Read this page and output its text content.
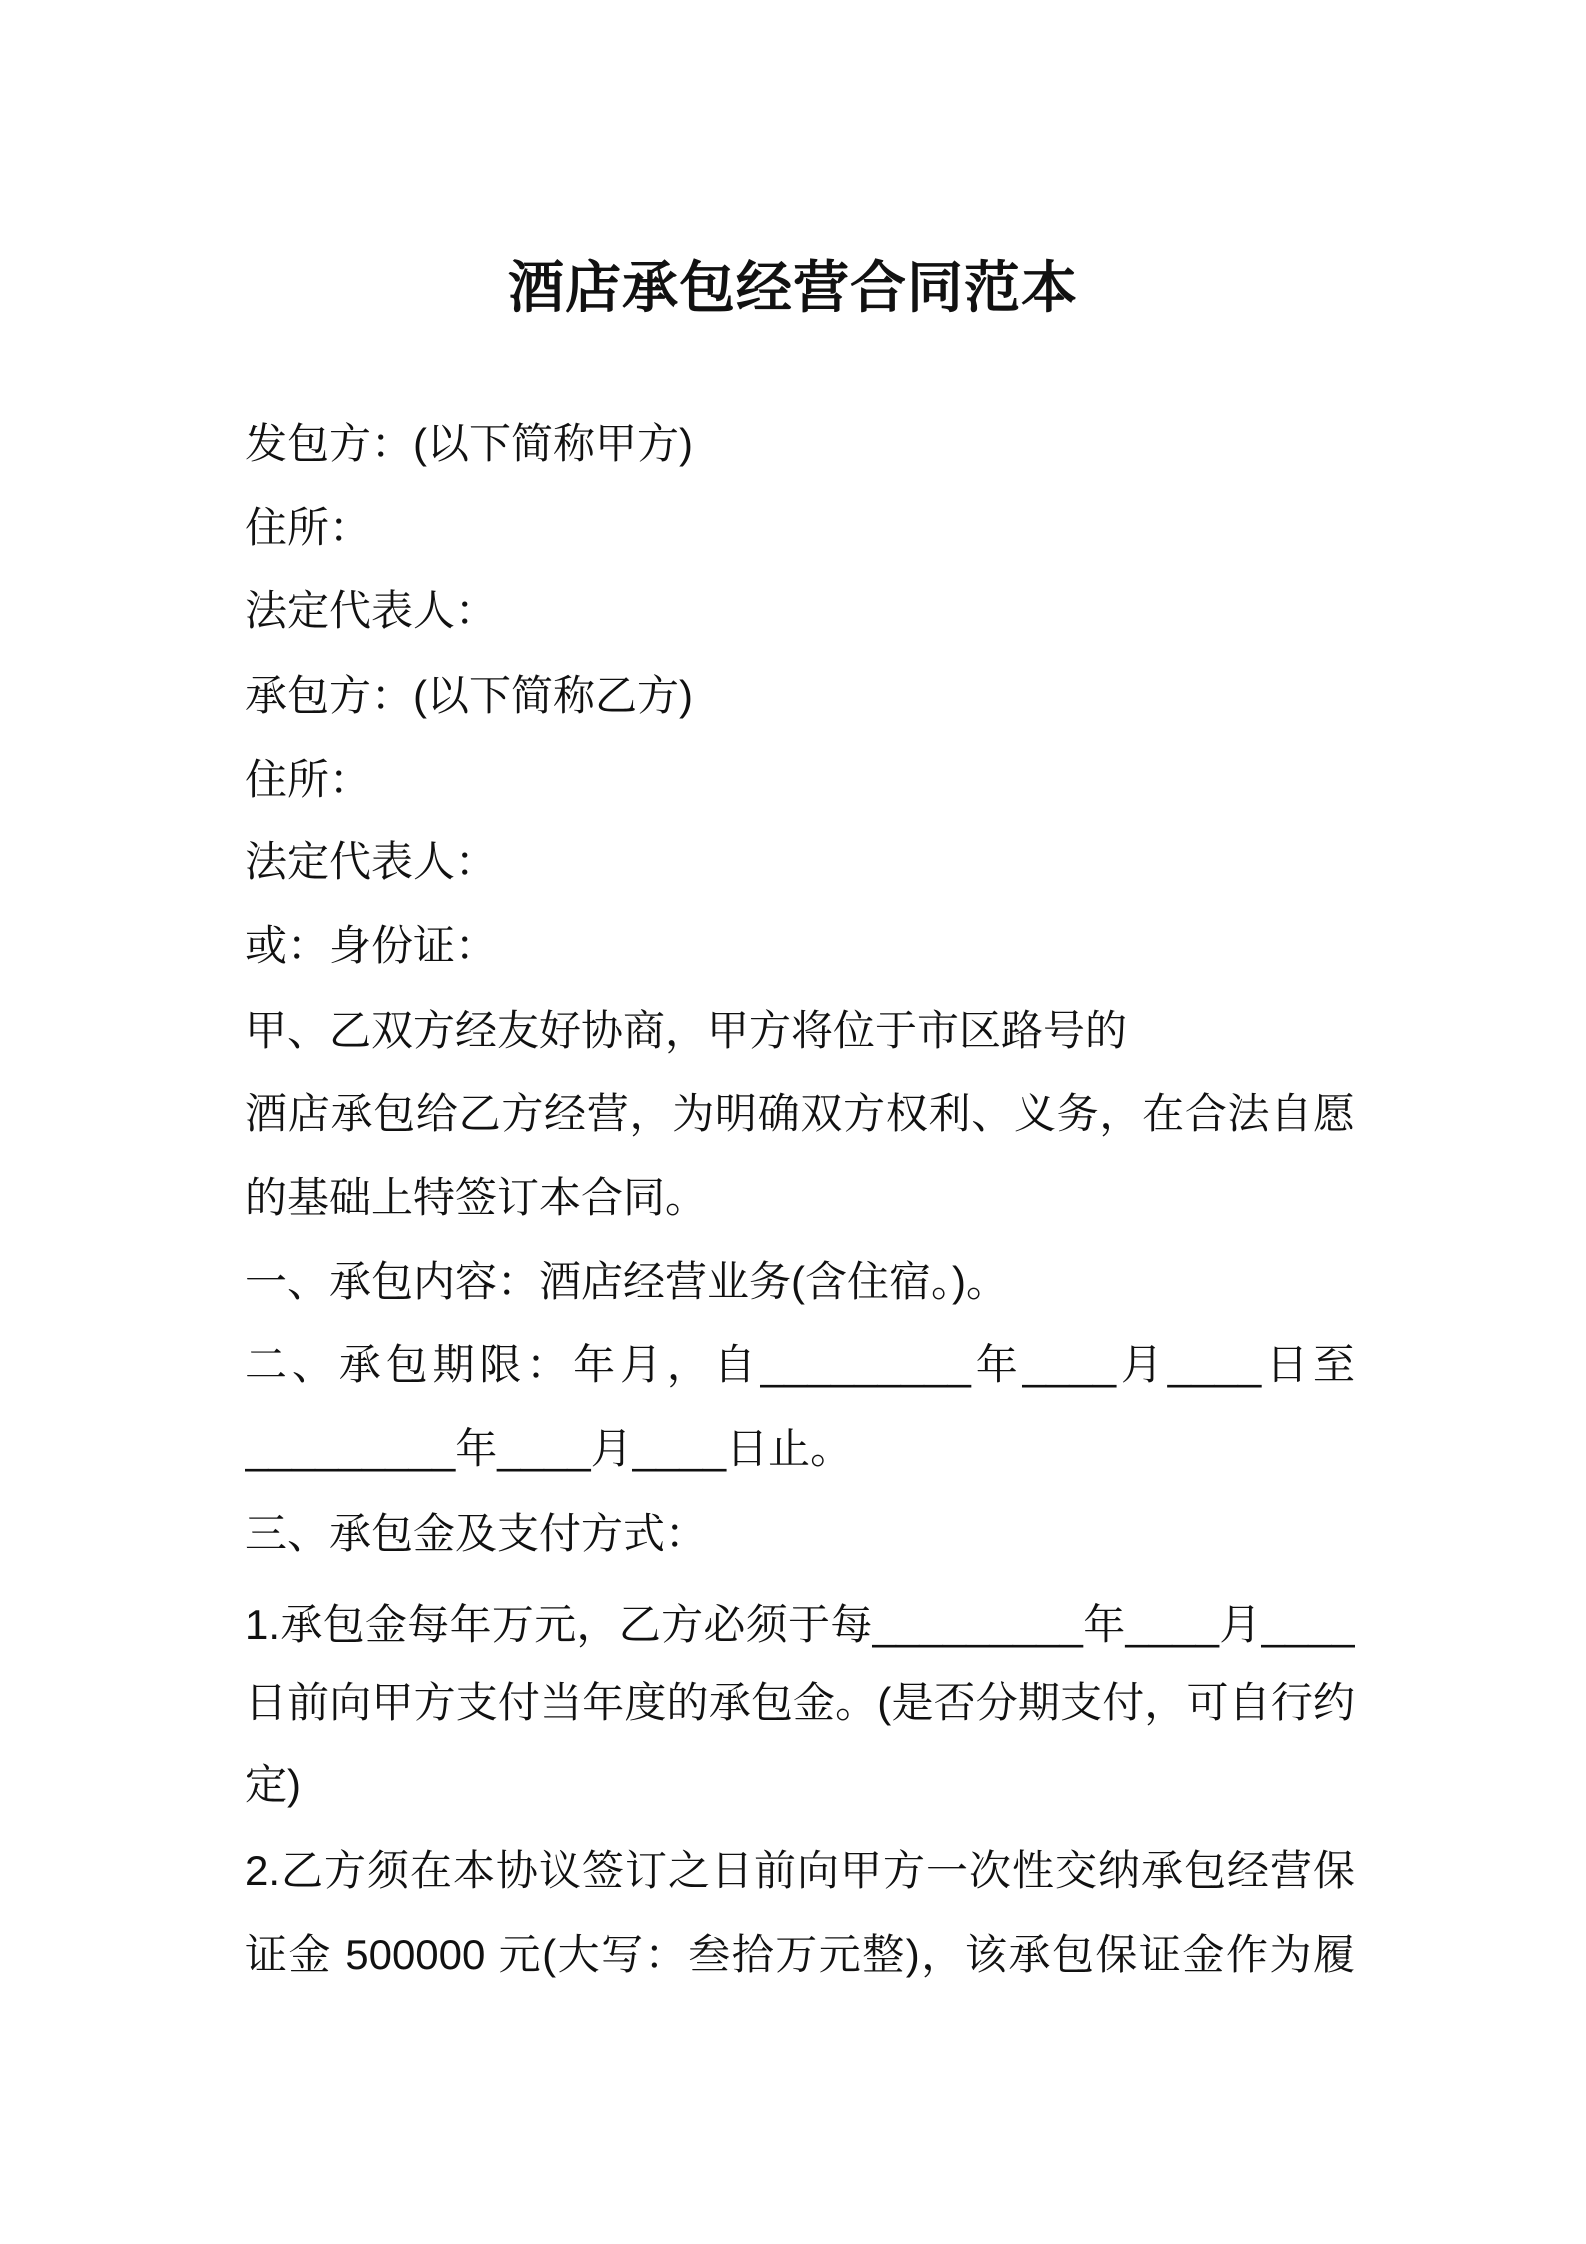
酒店承包经营合同范本
发包方：(以下简称甲方)
住所：
法定代表人：
承包方：(以下简称乙方)
住所：
法定代表人：
或：身份证：
甲、乙双方经友好协商，甲方将位于市区路号的
酒店承包给乙方经营，为明确双方权利、义务，在合法自愿
的基础上特签订本合同。
一、承包内容：酒店经营业务(含住宿。)。
二、承包期限：年月，自_________年____月____日至
_________年____月____日止。
三、承包金及支付方式：
1.承包金每年万元，乙方必须于每_________年____月____
日前向甲方支付当年度的承包金。(是否分期支付，可自行约
定)
2.乙方须在本协议签订之日前向甲方一次性交纳承包经营保
证金 500000 元(大写：叁拾万元整)，该承包保证金作为履
